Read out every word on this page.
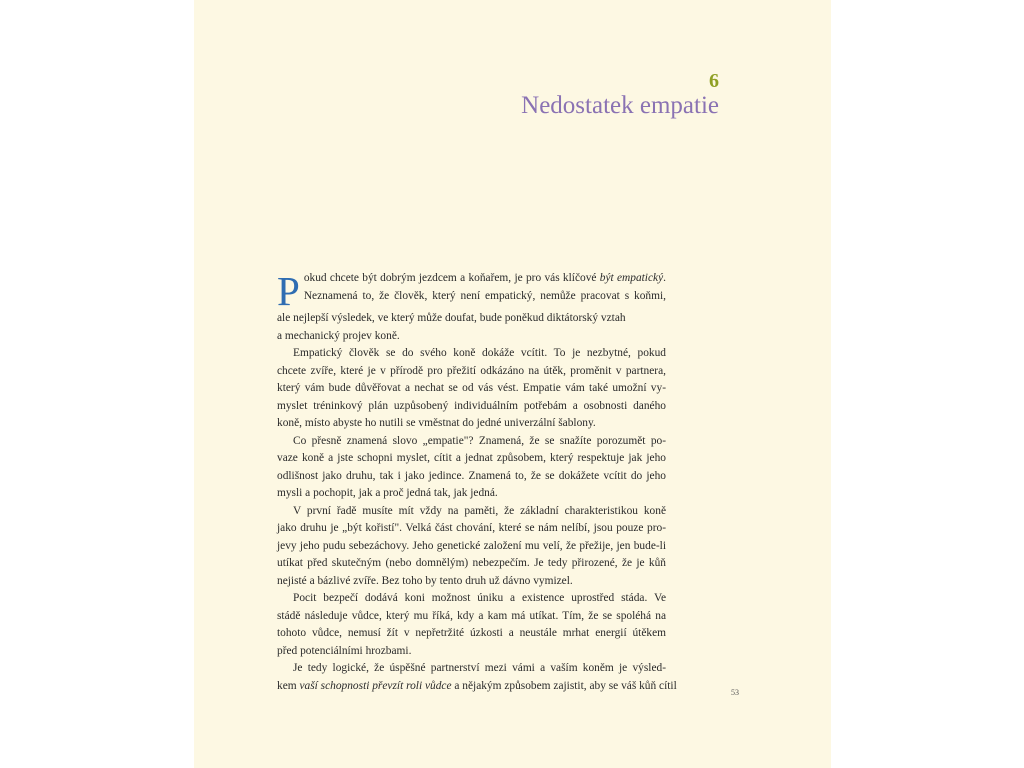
6
Nedostatek empatie
P okud chcete být dobrým jezdcem a koňařem, je pro vás klíčové být empatický.
Neznamená to, že člověk, který není empatický, nemůže pracovat s koňmi,
ale nejlepší výsledek, ve který může doufat, bude poněkud diktátorský vztah
a mechanický projev koně.
Empatický člověk se do svého koně dokáže vcítit. To je nezbytné, pokud
chcete zvíře, které je v přírodě pro přežití odkázáno na útěk, proměnit v partnera,
který vám bude důvěřovat a nechat se od vás vést. Empatie vám také umožní vy-
myslet tréninkový plán uzpůsobený individuálním potřebám a osobnosti daného
koně, místo abyste ho nutili se vměstnat do jedné univerzální šablony.
Co přesně znamená slovo „empatie"? Znamená, že se snažíte porozumět po-
vaze koně a jste schopni myslet, cítit a jednat způsobem, který respektuje jak jeho
odlišnost jako druhu, tak i jako jedince. Znamená to, že se dokážete vcítit do jeho
mysli a pochopit, jak a proč jedná tak, jak jedná.
V první řadě musíte mít vždy na paměti, že základní charakteristikou koně
jako druhu je „být kořistí". Velká část chování, které se nám nelíbí, jsou pouze pro-
jevy jeho pudu sebezáchovy. Jeho genetické založení mu velí, že přežije, jen bude-li
utíkat před skutečným (nebo domnělým) nebezpečím. Je tedy přirozené, že je kůň
nejisté a bázlivé zvíře. Bez toho by tento druh už dávno vymizel.
Pocit bezpečí dodává koni možnost úniku a existence uprostřed stáda. Ve
stádě následuje vůdce, který mu říká, kdy a kam má utíkat. Tím, že se spoléhá na
tohoto vůdce, nemusí žít v nepřetržité úzkosti a neustále mrhat energií útěkem
před potenciálními hrozbami.
Je tedy logické, že úspěšné partnerství mezi vámi a vaším koněm je výsled-
kem vaší schopnosti převzít roli vůdce a nějakým způsobem zajistit, aby se váš kůň cítil
53
